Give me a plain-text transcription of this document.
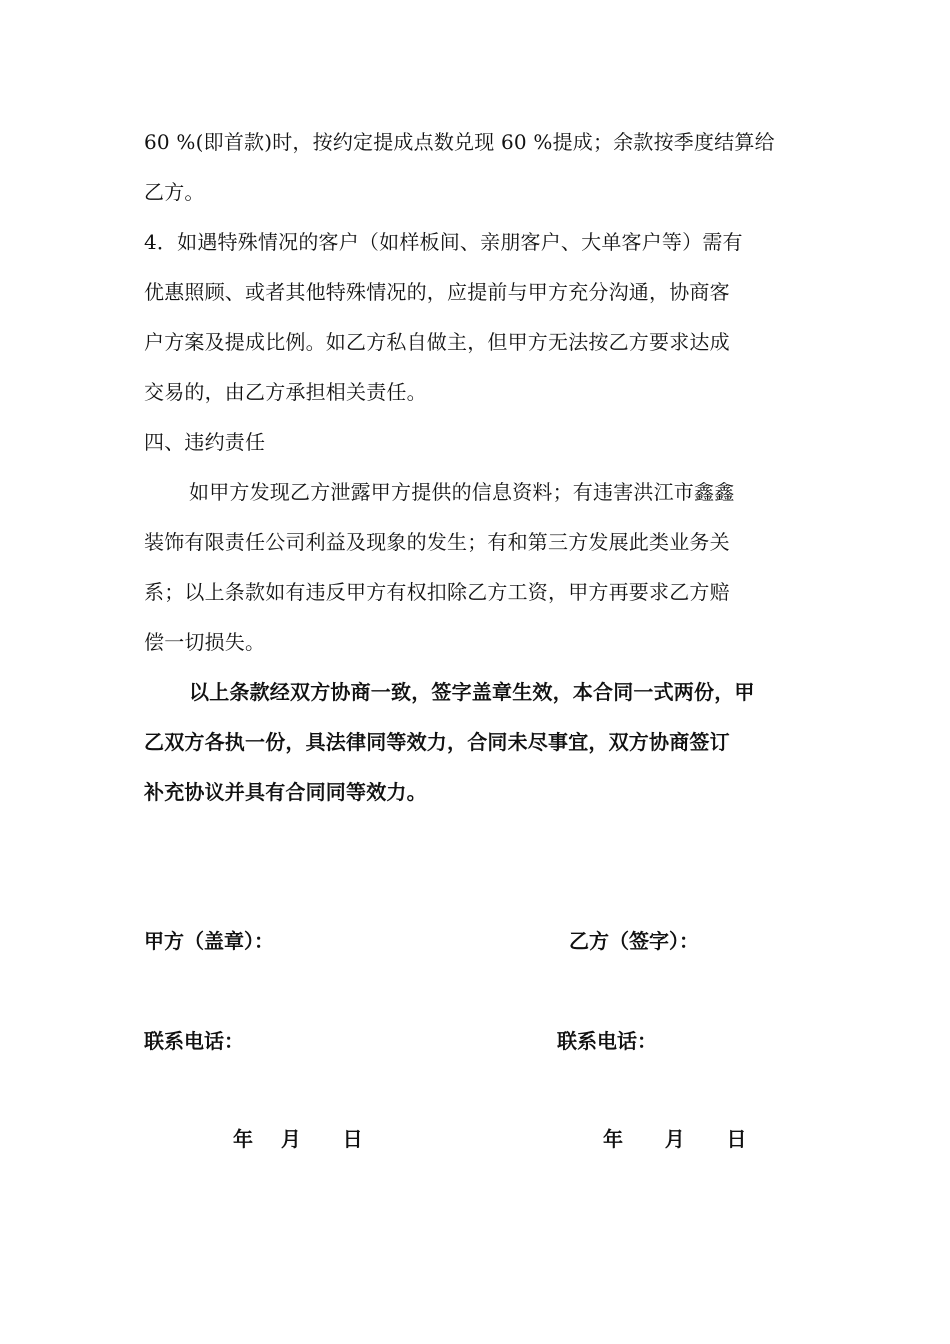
60 %(即首款)时，按约定提成点数兑现 60 %提成；余款按季度结算给
乙方。
4．如遇特殊情况的客户（如样板间、亲朋客户、大单客户等）需有
优惠照顾、或者其他特殊情况的，应提前与甲方充分沟通，协商客
户方案及提成比例。如乙方私自做主，但甲方无法按乙方要求达成
交易的，由乙方承担相关责任。
四、违约责任
如甲方发现乙方泄露甲方提供的信息资料；有违害洪江市鑫鑫
装饰有限责任公司利益及现象的发生；有和第三方发展此类业务关
系；以上条款如有违反甲方有权扣除乙方工资，甲方再要求乙方赔
偿一切损失。
以上条款经双方协商一致，签字盖章生效，本合同一式两份，甲
乙双方各执一份，具法律同等效力，合同未尽事宜，双方协商签订
补充协议并具有合同同等效力。
甲方（盖章）：	乙方（签字）：
联系电话：	联系电话：
年    月      日	年      月      日
